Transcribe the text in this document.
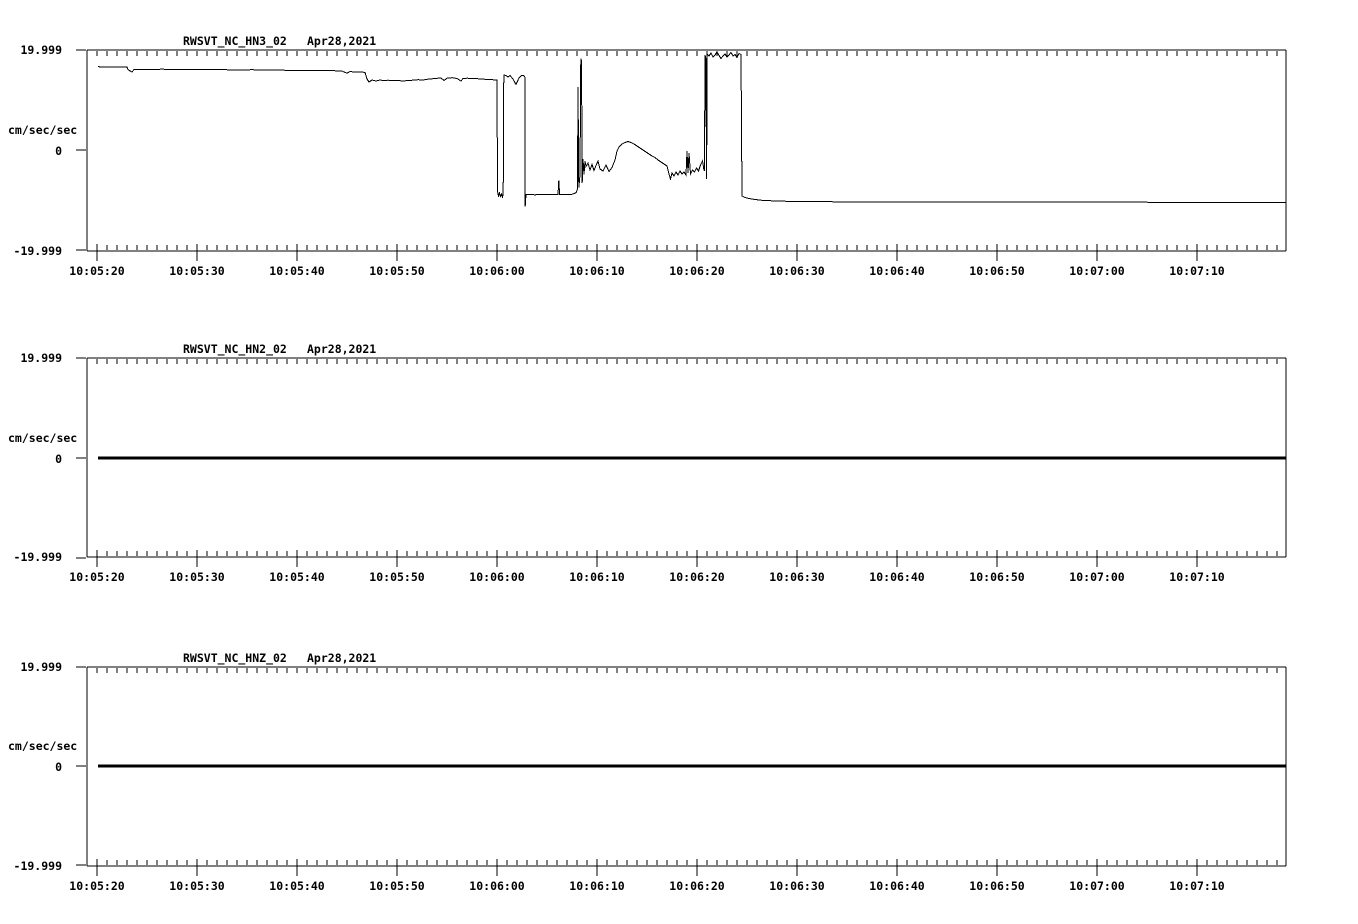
RWSVT_NC_HN3_02 Apr28,2021
19.999
cm/sec/sec
0
-19.999
10:05:20	10:05:30	10:05:40	10:05:50	10:06:00	10:06:10	10:06:20	10:06:30	10:06:40	10:06:50	10:07:00	10:07:10
RWSVT_NC_HN2_02 Apr28,2021
19.999
cm/sec/sec
0
-19.999
10:05:20	10:05:30	10:05:40	10:05:50	10:06:00	10:06:10	10:06:20	10:06:30	10:06:40	10:06:50	10:07:00	10:07:10
RWSVT_NC_HNZ_02 Apr28,2021
19.999
cm/sec/sec
0
-19.999
10:05:20	10:05:30	10:05:40	10:05:50	10:06:00	10:06:10	10:06:20	10:06:30	10:06:40	10:06:50	10:07:00	10:07:10
